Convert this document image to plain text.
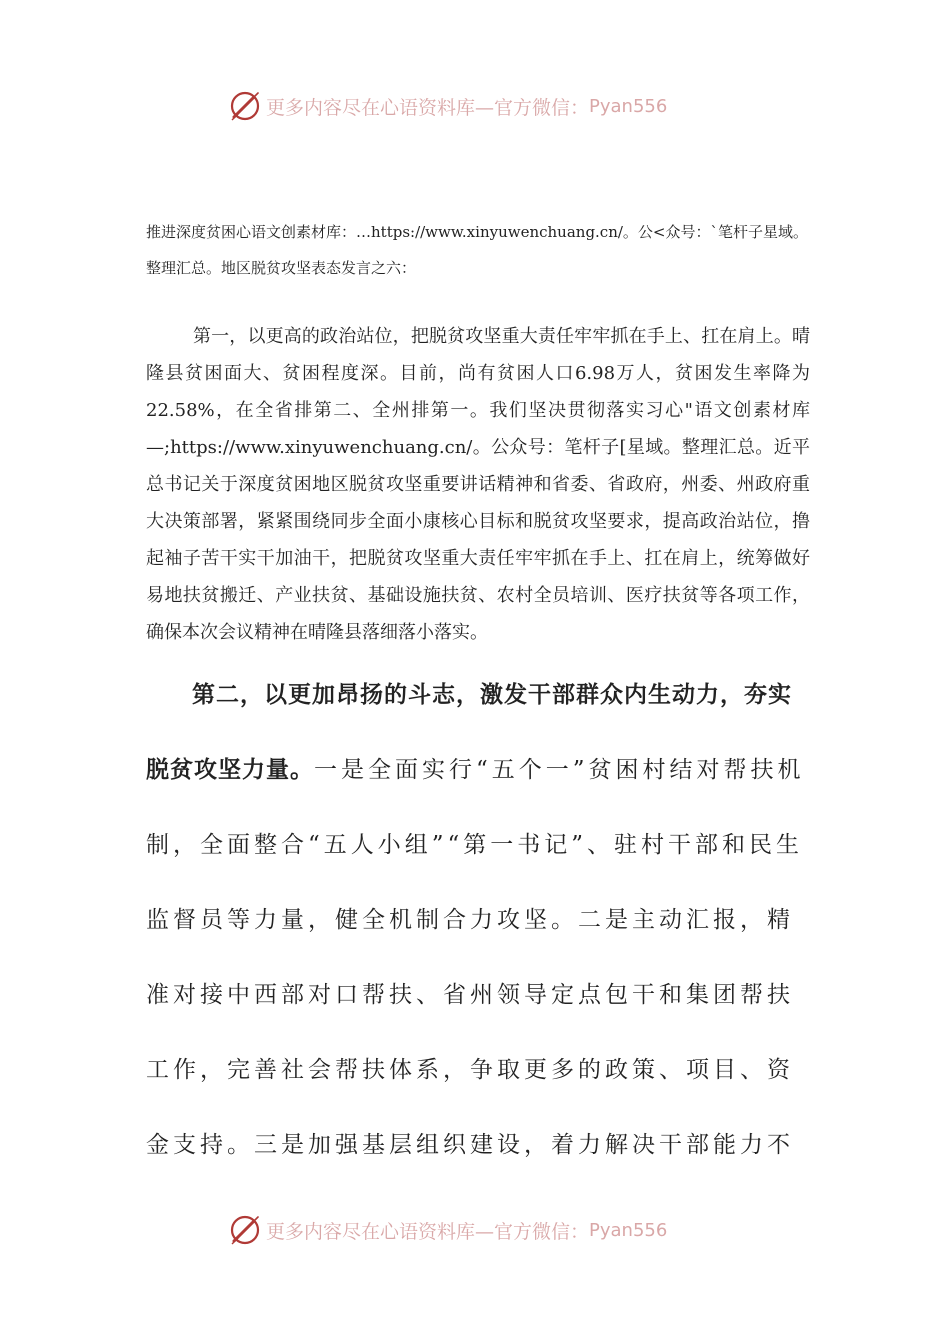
更多内容尽在心语资料库—官方微信： Pyan556

推进深度贫困心语文创素材库：…https://www.xinyuwenchuang.cn/。公<众号：`笔杆子星域。整理汇总。地区脱贫攻坚表态发言之六：

第一，以更高的政治站位，把脱贫攻坚重大责任牢牢抓在手上、扛在肩上。晴隆县贫困面大、贫困程度深。目前，尚有贫困人口6.98万人，贫困发生率降为22.58%，在全省排第二、全州排第一。我们坚决贯彻落实习心"语文创素材库—;https://www.xinyuwenchuang.cn/。公众号：笔杆子[星域。整理汇总。近平总书记关于深度贫困地区脱贫攻坚重要讲话精神和省委、省政府，州委、州政府重大决策部署，紧紧围绕同步全面小康核心目标和脱贫攻坚要求，提高政治站位，撸起袖子苦干实干加油干，把脱贫攻坚重大责任牢牢抓在手上、扛在肩上，统筹做好易地扶贫搬迁、产业扶贫、基础设施扶贫、农村全员培训、医疗扶贫等各项工作，确保本次会议精神在晴隆县落细落小落实。

第二，以更加昂扬的斗志，激发干部群众内生动力，夯实脱贫攻坚力量。一是全面实行“五个一”贫困村结对帮扶机制，全面整合“五人小组”“第一书记”、驻村干部和民生监督员等力量，健全机制合力攻坚。二是主动汇报，精准对接中西部对口帮扶、省州领导定点包干和集团帮扶工作，完善社会帮扶体系，争取更多的政策、项目、资金支持。三是加强基层组织建设，着力解决干部能力不

更多内容尽在心语资料库—官方微信： Pyan556
